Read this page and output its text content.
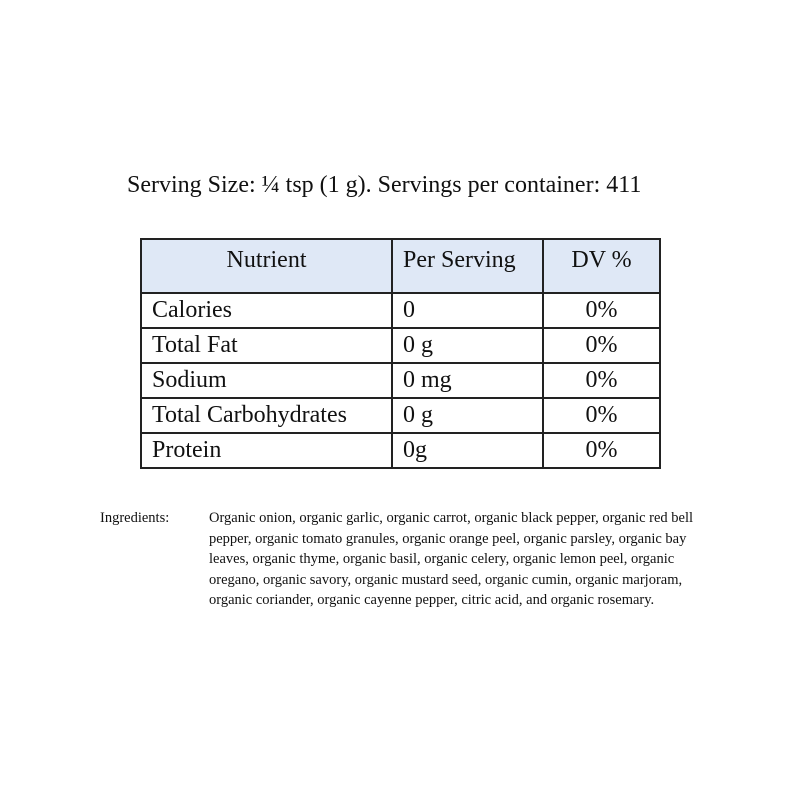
Serving Size: ¼ tsp (1 g). Servings per container: 411
Nutrient	Per Serving	DV %
Calories	0	0%
Total Fat	0 g	0%
Sodium	0 mg	0%
Total Carbohydrates	0 g	0%
Protein	0g	0%
Ingredients:	Organic onion, organic garlic, organic carrot, organic black pepper, organic red bell pepper, organic tomato granules, organic orange peel, organic parsley, organic bay leaves, organic thyme, organic basil, organic celery, organic lemon peel, organic oregano, organic savory, organic mustard seed, organic cumin, organic marjoram, organic coriander, organic cayenne pepper, citric acid, and organic rosemary.
